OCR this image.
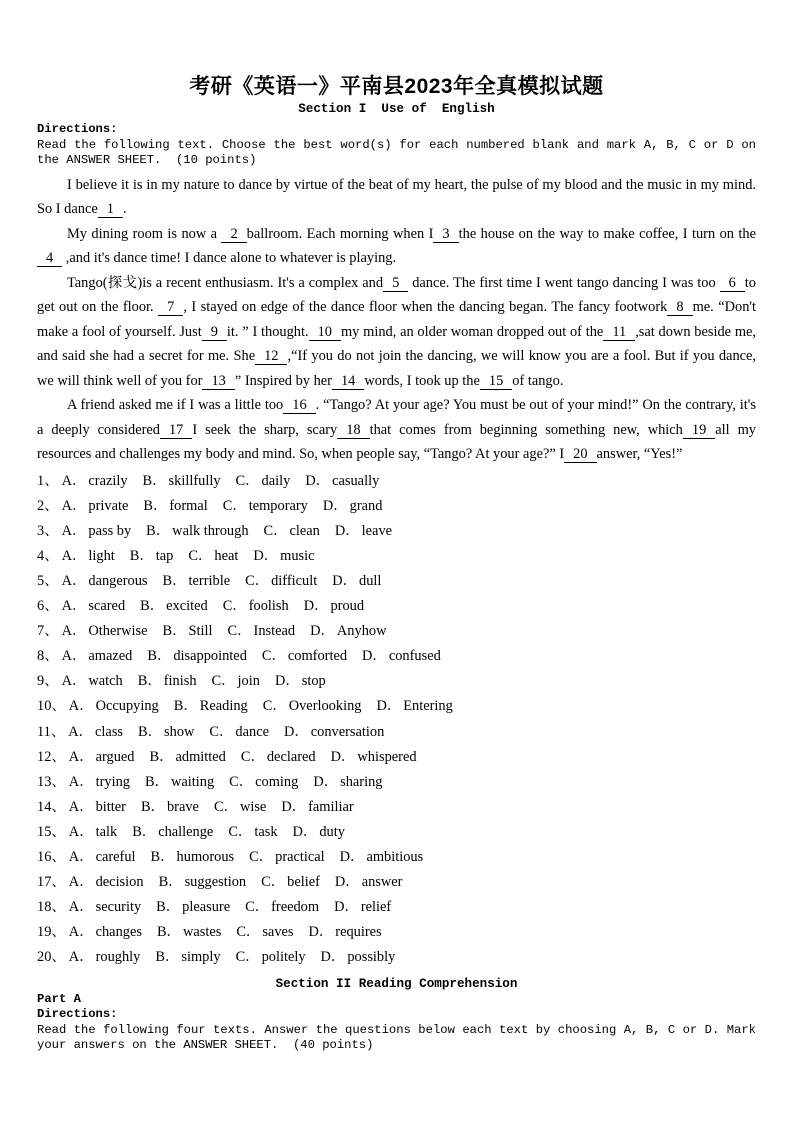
考研《英语一》平南县2023年全真模拟试题
Section I  Use of  English
Directions:
Read the following text. Choose the best word(s) for each numbered blank and mark A, B, C or D on the ANSWER SHEET.  (10 points)

I believe it is in my nature to dance by virtue of the beat of my heart, the pulse of my blood and the music in my mind. So I dance 1 .

My dining room is now a 2 ballroom. Each morning when I 3 the house on the way to make coffee, I turn on the 4 ,and it's dance time! I dance alone to whatever is playing.

Tango(探戈)is a recent enthusiasm. It's a complex and 5 dance. The first time I went tango dancing I was too 6 to get out on the floor. 7 , I stayed on edge of the dance floor when the dancing began. The fancy footwork 8 me. “Don't make a fool of yourself. Just 9 it. ” I thought. 10 my mind, an older woman dropped out of the 11 ,sat down beside me, and said she had a secret for me. She 12 ,“If you do not join the dancing, we will know you are a fool. But if you dance, we will think well of you for 13 ” Inspired by her 14 words, I took up the 15 of tango.

A friend asked me if I was a little too 16 . “Tango? At your age? You must be out of your mind!” On the contrary, it's a deeply considered 17 I seek the sharp, scary 18 that comes from beginning something new, which 19 all my resources and challenges my body and mind. So, when people say, “Tango? At your age?” I 20 answer, “Yes!”

1、 A． crazily B． skillfully C． daily D． casually
2、 A． private B． formal C． temporary D． grand
3、 A． pass by B． walk through C． clean D． leave
4、 A． light B． tap C． heat D． music
5、 A． dangerous B． terrible C． difficult D． dull
6、 A． scared B． excited C． foolish D． proud
7、 A． Otherwise B． Still C． Instead D． Anyhow
8、 A． amazed B． disappointed C． comforted D． confused
9、 A． watch B． finish C． join D． stop
10、 A． Occupying B． Reading C． Overlooking D． Entering
11、 A． class B． show C． dance D． conversation
12、 A． argued B． admitted C． declared D． whispered
13、 A． trying B． waiting C． coming D． sharing
14、 A． bitter B． brave C． wise D． familiar
15、 A． talk B． challenge C． task D． duty
16、 A． careful B． humorous C． practical D． ambitious
17、 A． decision B． suggestion C． belief D． answer
18、 A． security B． pleasure C． freedom D． relief
19、 A． changes B． wastes C． saves D． requires
20、 A． roughly B． simply C． politely D． possibly
Section II Reading Comprehension
Part A
Directions:
Read the following four texts. Answer the questions below each text by choosing A, B, C or D. Mark your answers on the ANSWER SHEET.  (40 points)
